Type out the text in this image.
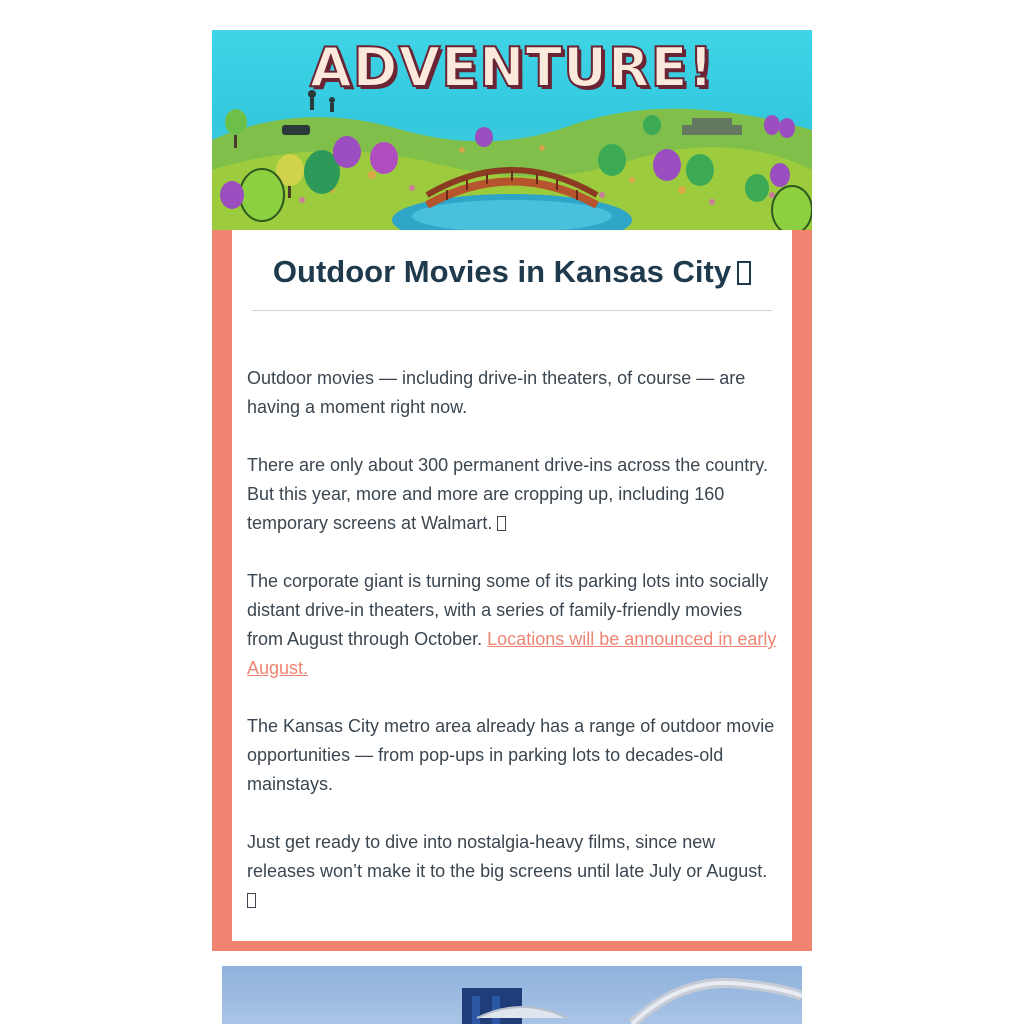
ADVENTURE!
Outdoor Movies in Kansas City

Outdoor movies — including drive-in theaters, of course — are having a moment right now.

There are only about 300 permanent drive-ins across the country. But this year, more and more are cropping up, including 160 temporary screens at Walmart.

The corporate giant is turning some of its parking lots into socially distant drive-in theaters, with a series of family-friendly movies from August through October. Locations will be announced in early August.

The Kansas City metro area already has a range of outdoor movie opportunities — from pop-ups in parking lots to decades-old mainstays.

Just get ready to dive into nostalgia-heavy films, since new releases won’t make it to the big screens until late July or August.
